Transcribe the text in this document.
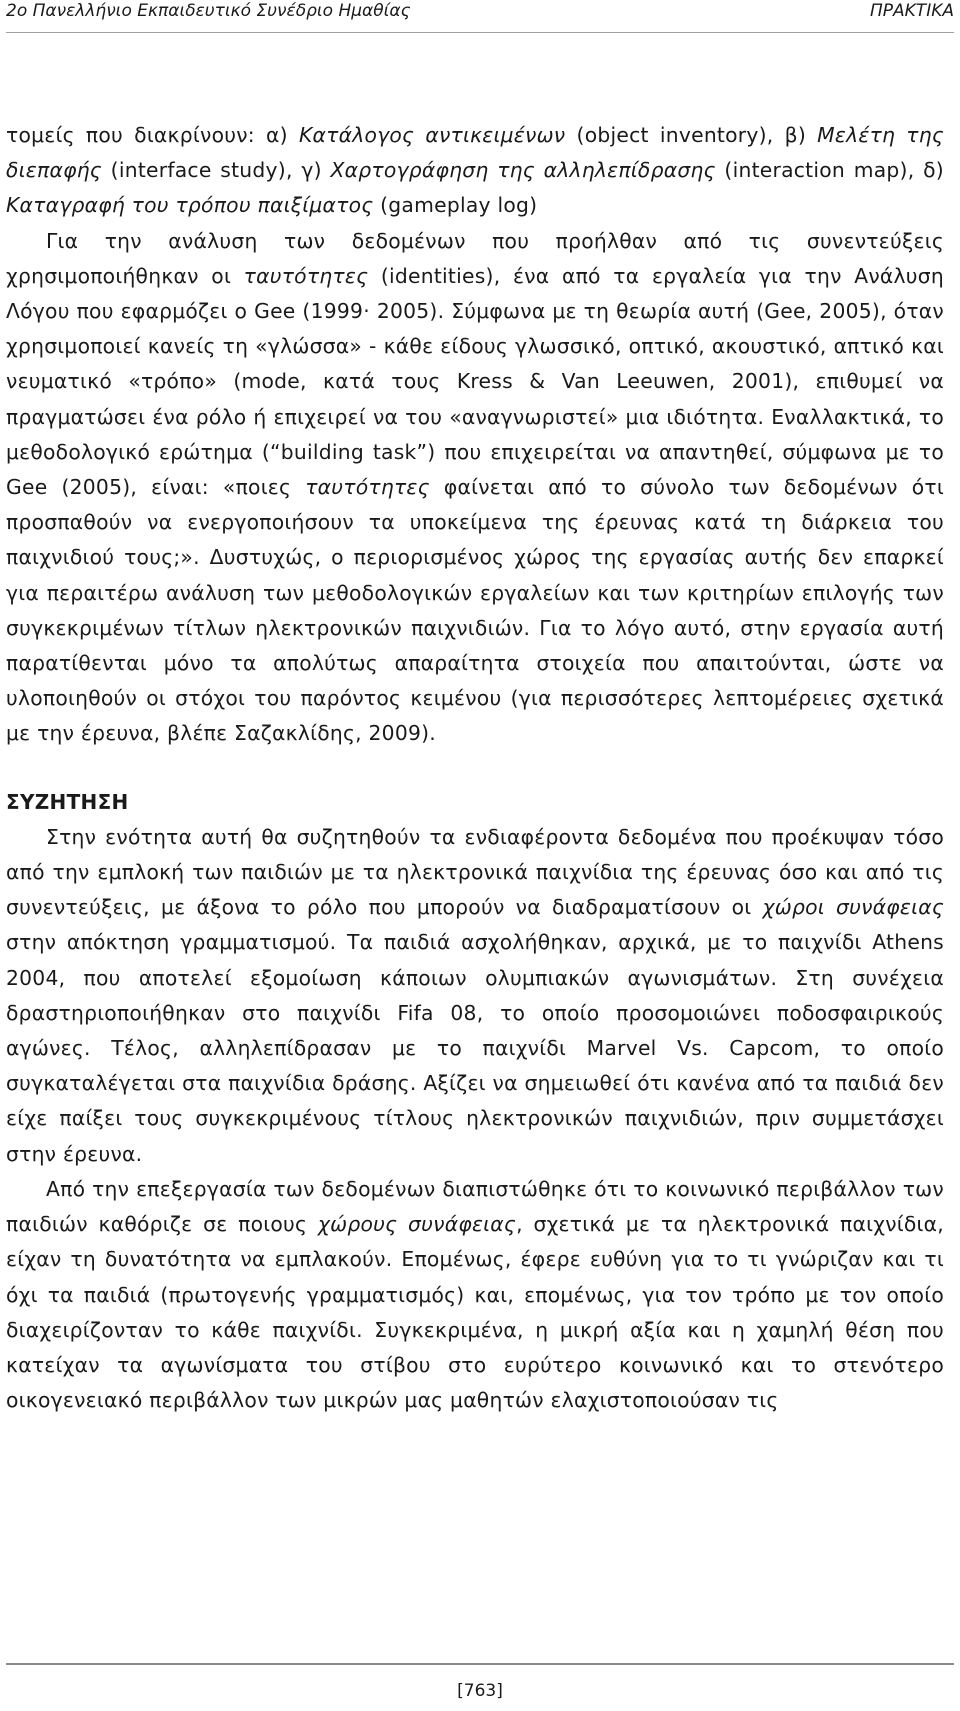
2ο Πανελλήνιο Εκπαιδευτικό Συνέδριο Ημαθίας	ΠΡΑΚΤΙΚΑ

τομείς που διακρίνουν: α) Κατάλογος αντικειμένων (object inventory), β) Μελέτη της διεπαφής (interface study), γ) Χαρτογράφηση της αλληλεπίδρασης (interaction map), δ) Καταγραφή του τρόπου παιξίματος (gameplay log)

Για την ανάλυση των δεδομένων που προήλθαν από τις συνεντεύξεις χρησιμοποιήθηκαν οι ταυτότητες (identities), ένα από τα εργαλεία για την Ανάλυση Λόγου που εφαρμόζει ο Gee (1999· 2005). Σύμφωνα με τη θεωρία αυτή (Gee, 2005), όταν χρησιμοποιεί κανείς τη «γλώσσα» - κάθε είδους γλωσσικό, οπτικό, ακουστικό, απτικό και νευματικό «τρόπο» (mode, κατά τους Kress & Van Leeuwen, 2001), επιθυμεί να πραγματώσει ένα ρόλο ή επιχειρεί να του «αναγνωριστεί» μια ιδιότητα. Εναλλακτικά, το μεθοδολογικό ερώτημα (“building task”) που επιχειρείται να απαντηθεί, σύμφωνα με το Gee (2005), είναι: «ποιες ταυτότητες φαίνεται από το σύνολο των δεδομένων ότι προσπαθούν να ενεργοποιήσουν τα υποκείμενα της έρευνας κατά τη διάρκεια του παιχνιδιού τους;». Δυστυχώς, ο περιορισμένος χώρος της εργασίας αυτής δεν επαρκεί για περαιτέρω ανάλυση των μεθοδολογικών εργαλείων και των κριτηρίων επιλογής των συγκεκριμένων τίτλων ηλεκτρονικών παιχνιδιών. Για το λόγο αυτό, στην εργασία αυτή παρατίθενται μόνο τα απολύτως απαραίτητα στοιχεία που απαιτούνται, ώστε να υλοποιηθούν οι στόχοι του παρόντος κειμένου (για περισσότερες λεπτομέρειες σχετικά με την έρευνα, βλέπε Σαζακλίδης, 2009).

ΣΥΖΗΤΗΣΗ

Στην ενότητα αυτή θα συζητηθούν τα ενδιαφέροντα δεδομένα που προέκυψαν τόσο από την εμπλοκή των παιδιών με τα ηλεκτρονικά παιχνίδια της έρευνας όσο και από τις συνεντεύξεις, με άξονα το ρόλο που μπορούν να διαδραματίσουν οι χώροι συνάφειας στην απόκτηση γραμματισμού. Τα παιδιά ασχολήθηκαν, αρχικά, με το παιχνίδι Athens 2004, που αποτελεί εξομοίωση κάποιων ολυμπιακών αγωνισμάτων. Στη συνέχεια δραστηριοποιήθηκαν στο παιχνίδι Fifa 08, το οποίο προσομοιώνει ποδοσφαιρικούς αγώνες. Τέλος, αλληλεπίδρασαν με το παιχνίδι Marvel Vs. Capcom, το οποίο συγκαταλέγεται στα παιχνίδια δράσης. Αξίζει να σημειωθεί ότι κανένα από τα παιδιά δεν είχε παίξει τους συγκεκριμένους τίτλους ηλεκτρονικών παιχνιδιών, πριν συμμετάσχει στην έρευνα.

Από την επεξεργασία των δεδομένων διαπιστώθηκε ότι το κοινωνικό περιβάλλον των παιδιών καθόριζε σε ποιους χώρους συνάφειας, σχετικά με τα ηλεκτρονικά παιχνίδια, είχαν τη δυνατότητα να εμπλακούν. Επομένως, έφερε ευθύνη για το τι γνώριζαν και τι όχι τα παιδιά (πρωτογενής γραμματισμός) και, επομένως, για τον τρόπο με τον οποίο διαχειρίζονταν το κάθε παιχνίδι. Συγκεκριμένα, η μικρή αξία και η χαμηλή θέση που κατείχαν τα αγωνίσματα του στίβου στο ευρύτερο κοινωνικό και το στενότερο οικογενειακό περιβάλλον των μικρών μας μαθητών ελαχιστοποιούσαν τις

[763]
